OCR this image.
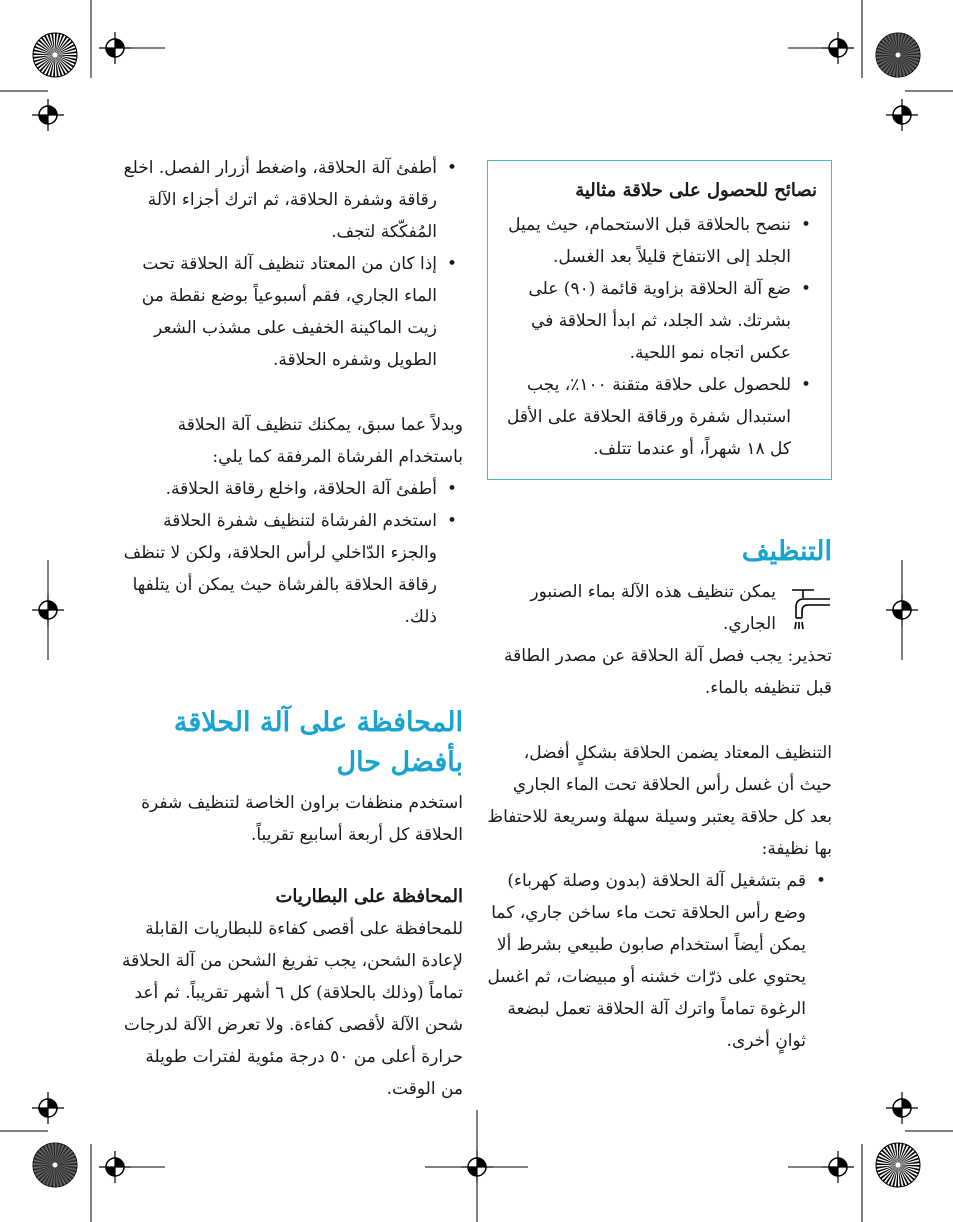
• أطفئ آلة الحلاقة، واضغط أزرار الفصل. اخلع رقاقة وشفرة الحلاقة، ثم اترك أجزاء الآلة المُفكّكة لتجف.
• إذا كان من المعتاد تنظيف آلة الحلاقة تحت الماء الجاري، فقم أسبوعياً بوضع نقطة من زيت الماكينة الخفيف على مشذب الشعر الطويل وشفره الحلاقة.

وبدلاً عما سبق، يمكنك تنظيف آلة الحلاقة باستخدام الفرشاة المرفقة كما يلي:

• أطفئ آلة الحلاقة، واخلع رقاقة الحلاقة.
• استخدم الفرشاة لتنظيف شفرة الحلاقة والجزء الدّاخلي لرأس الحلاقة، ولكن لا تنظف رقاقة الحلاقة بالفرشاة حيث يمكن أن يتلفها ذلك.
المحافظة على آلة الحلاقة بأفضل حال

استخدم منظفات براون الخاصة لتنظيف شفرة الحلاقة كل أربعة أسابيع تقريباً.

المحافظة على البطاريات

للمحافظة على أقصى كفاءة للبطاريات القابلة لإعادة الشحن، يجب تفريغ الشحن من آلة الحلاقة تماماً (وذلك بالحلاقة) كل ٦ أشهر تقريباً. ثم أعد شحن الآلة لأقصى كفاءة. ولا تعرض الآلة لدرجات حرارة أعلى من ٥٠ درجة مئوية لفترات طويلة من الوقت.

نصائح للحصول على حلاقة مثالية
• ننصح بالحلاقة قبل الاستحمام، حيث يميل الجلد إلى الانتفاخ قليلاً بعد الغسل.
• ضع آلة الحلاقة بزاوية قائمة (٩٠) على بشرتك. شد الجلد، ثم ابدأ الحلاقة في عكس اتجاه نمو اللحية.
• للحصول على حلاقة متقنة ١٠٠٪، يجب استبدال شفرة ورقاقة الحلاقة على الأقل كل ١٨ شهراً، أو عندما تتلف.
التنظيف

يمكن تنظيف هذه الآلة بماء الصنبور الجاري.

تحذير: يجب فصل آلة الحلاقة عن مصدر الطاقة قبل تنظيفه بالماء.

التنظيف المعتاد يضمن الحلاقة بشكلٍ أفضل، حيث أن غسل رأس الحلاقة تحت الماء الجاري بعد كل حلاقة يعتبر وسيلة سهلة وسريعة للاحتفاظ بها نظيفة:

• قم بتشغيل آلة الحلاقة (بدون وصلة كهرباء) وضع رأس الحلاقة تحت ماء ساخن جاري، كما يمكن أيضاً استخدام صابون طبيعي بشرط ألا يحتوي على ذرّات خشنه أو مبيضات، ثم اغسل الرغوة تماماً واترك آلة الحلاقة تعمل لبضعة ثوانٍ أخرى.
